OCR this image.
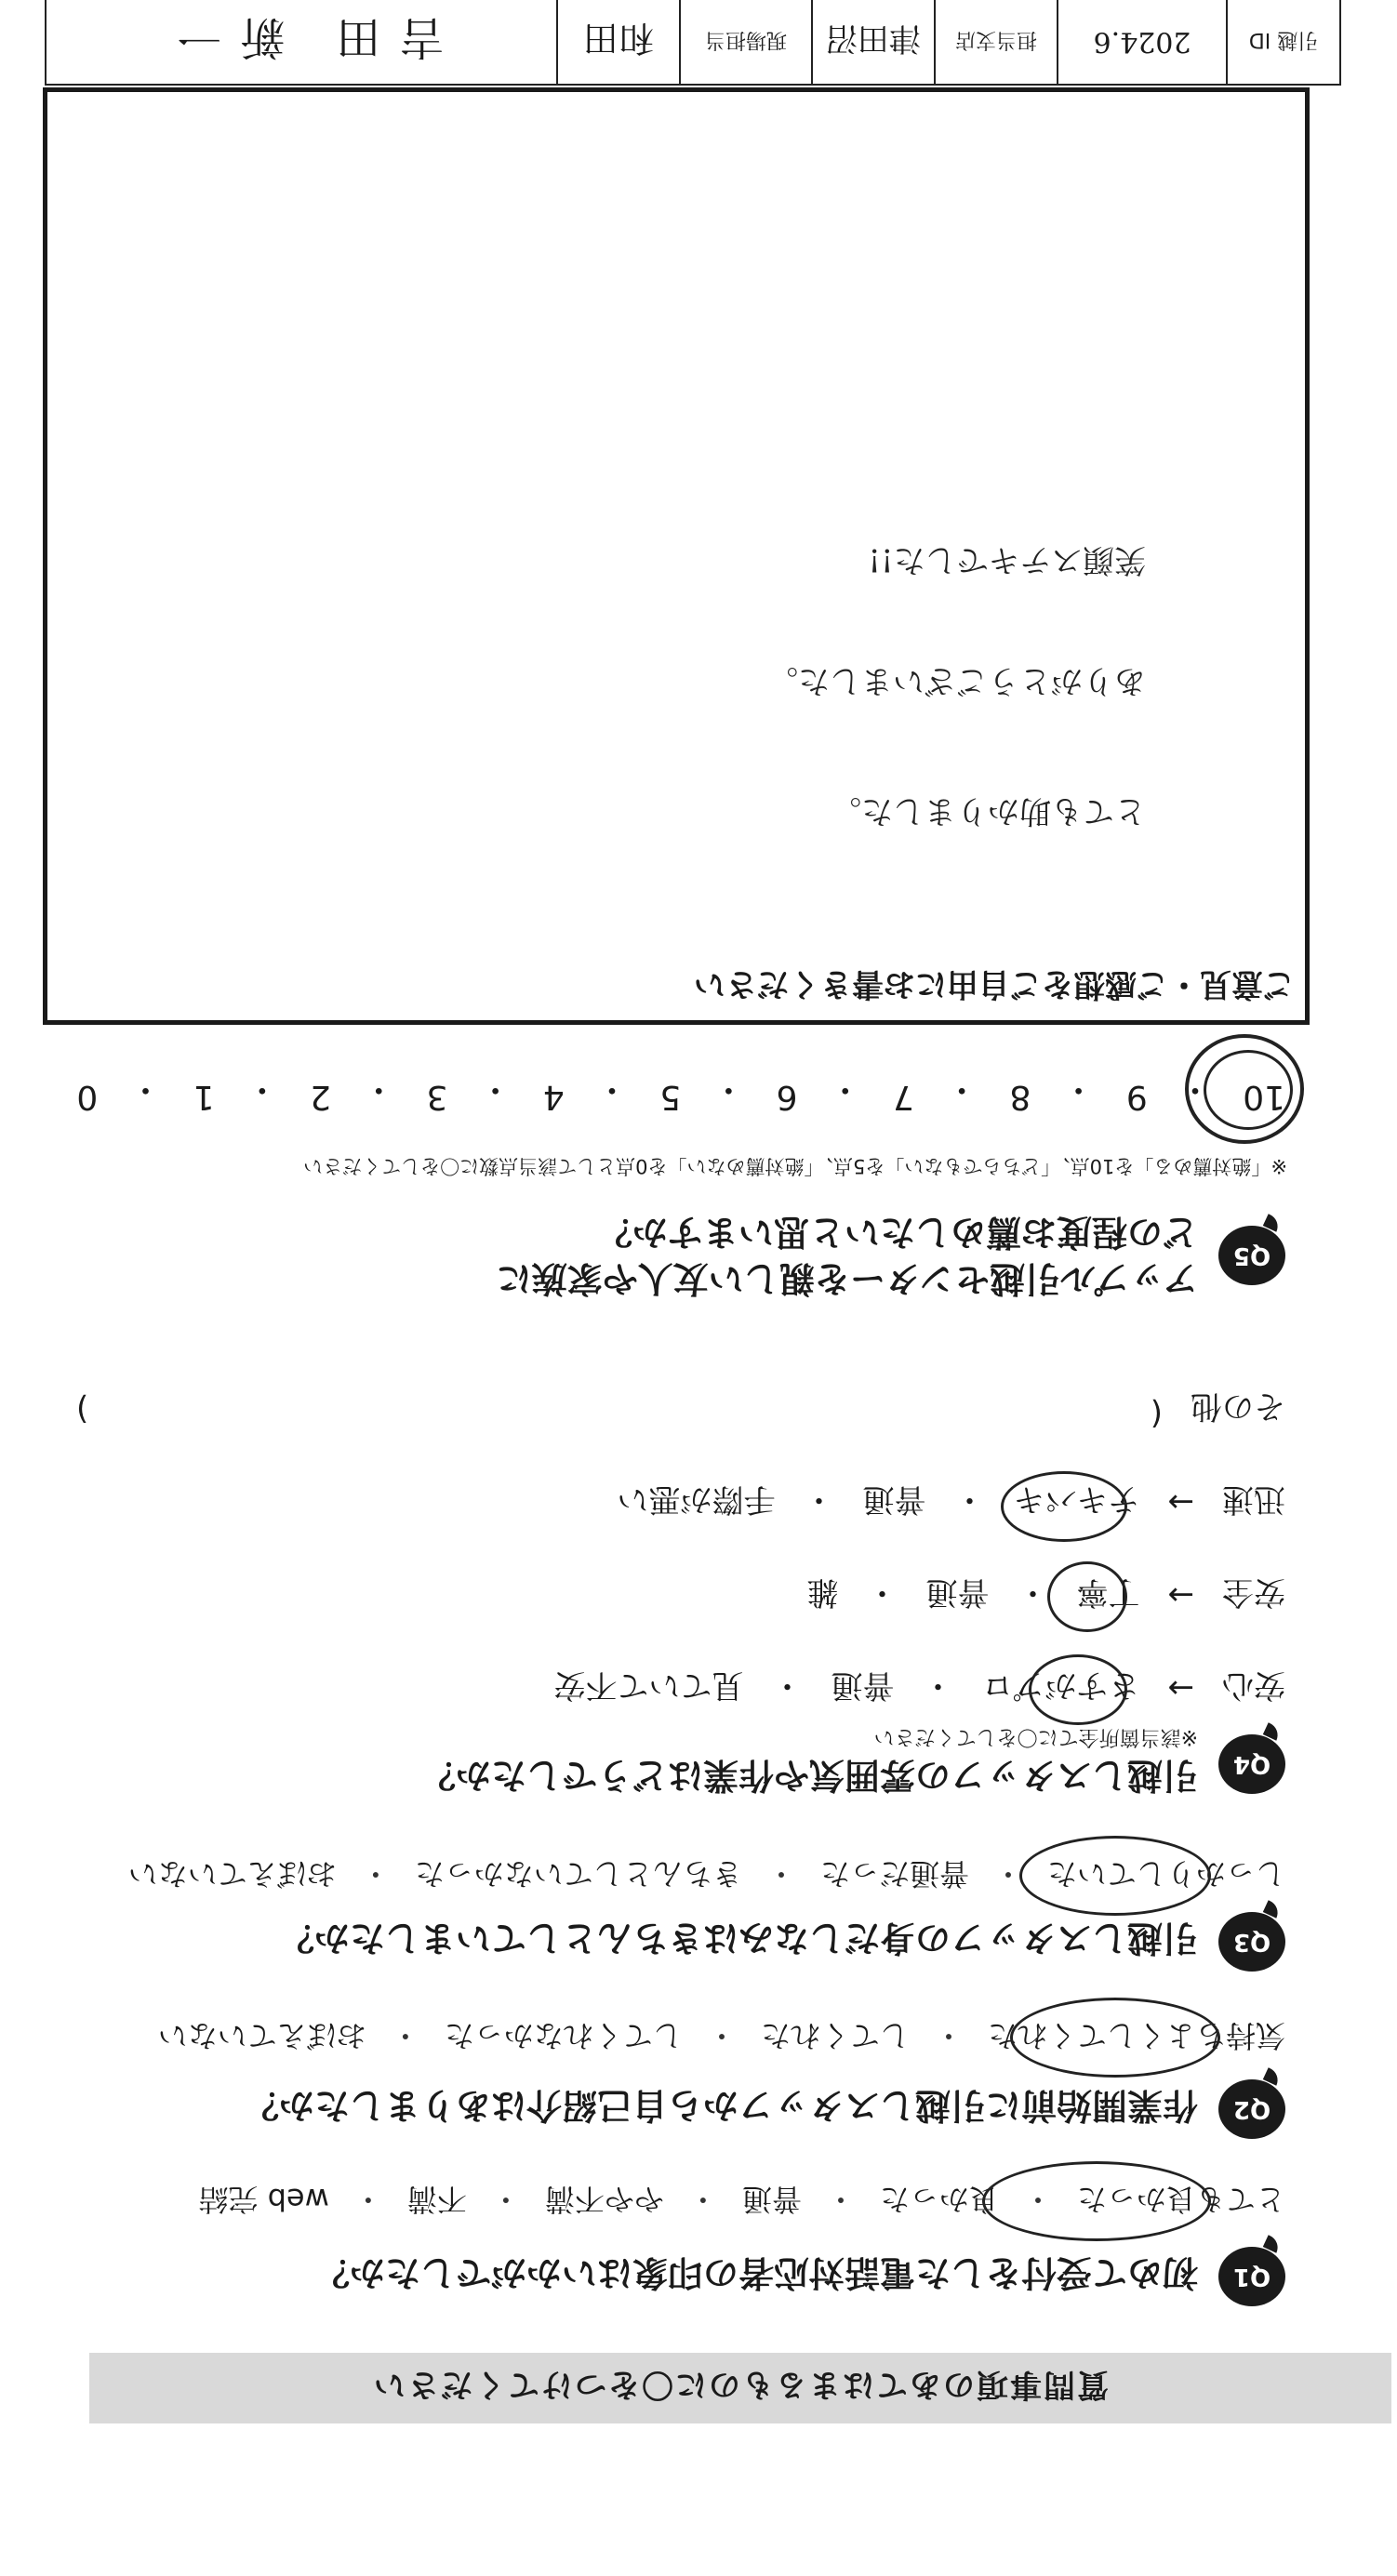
質問事項のあてはまるものに〇をつけてください
Q1
初めて受付をした電話対応者の印象はいかがでしたか？
とても良かった
・
良かった
・
普通
・
やや不満
・
不満
・
web 完結
Q2
作業開始前に引越しスタッフから自己紹介はありましたか？
気持ちよくしてくれた
・
してくれた
・
してくれなかった
・
おぼえていない
Q3
引越しスタッフの身だしなみはきちんとしていましたか？
しっかりしていた
・
普通だった
・
きちんとしていなかった
・
おぼえていない
Q4
引越しスタッフの雰囲気や作業はどうでしたか？
※該当箇所全てに〇をしてください
安心
→
さすがプロ
・
普通
・
見ていて不安
安全
→
丁寧
・
普通
・
雑
迅速
→
テキパキ
・
普通
・
手際が悪い
その他
(
)
Q5
アップル引越センターを親しい友人や家族に
どの程度お薦めしたいと思いますか？
※「絶対薦める」を10点、「どちらでもない」を5点、「絶対薦めない」を0点として該当点数に〇をしてください
10
・
9
・
8
・
7
・
6
・
5
・
4
・
3
・
2
・
1
・
0
ご意見・ご感想をご自由にお書きください
とても助かりました。
ありがとうございました。
笑顔ステキでした!!
引越 ID
2024.6
担当支店
津田沼
現場担当
和田
吉田 新一
